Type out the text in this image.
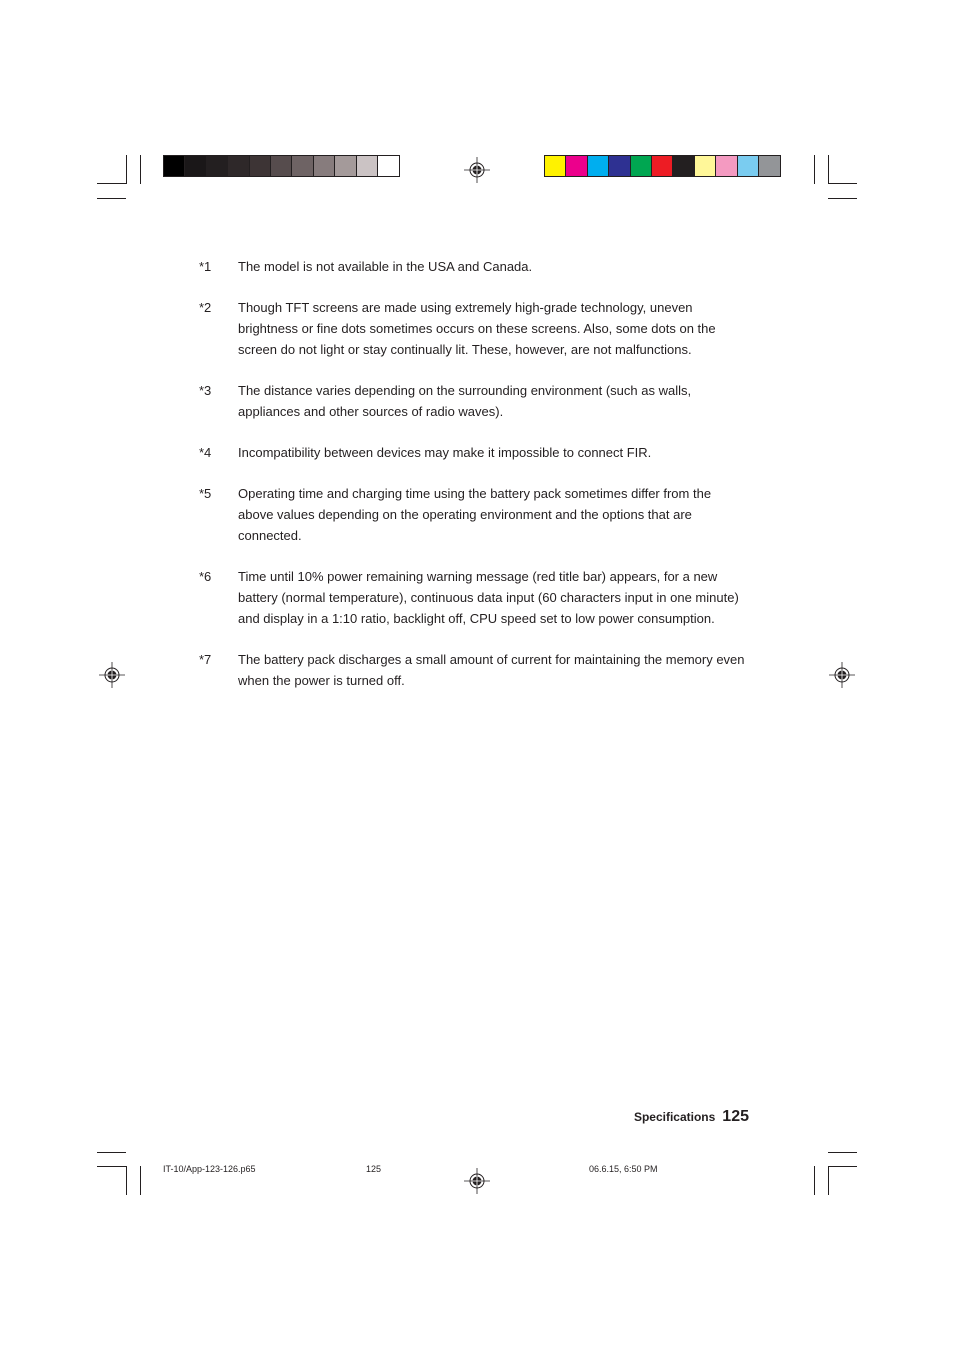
*1	The model is not available in the USA and Canada.
*2	Though TFT screens are made using extremely high-grade technology, uneven brightness or fine dots sometimes occurs on these screens. Also, some dots on the screen do not light or stay continually lit. These, however, are not malfunctions.
*3	The distance varies depending on the surrounding environment (such as walls, appliances and other sources of radio waves).
*4	Incompatibility between devices may make it impossible to connect FIR.
*5	Operating time and charging time using the battery pack sometimes differ from the above values depending on the operating environment and the options that are connected.
*6	Time until 10% power remaining warning message (red title bar) appears, for a new battery (normal temperature), continuous data input (60 characters input in one minute) and display in a 1:10 ratio, backlight off, CPU speed set to low power consumption.
*7	The battery pack discharges a small amount of current for maintaining the memory even when the power is turned off.
Specifications 125
IT-10/App-123-126.p65	125	06.6.15, 6:50 PM
